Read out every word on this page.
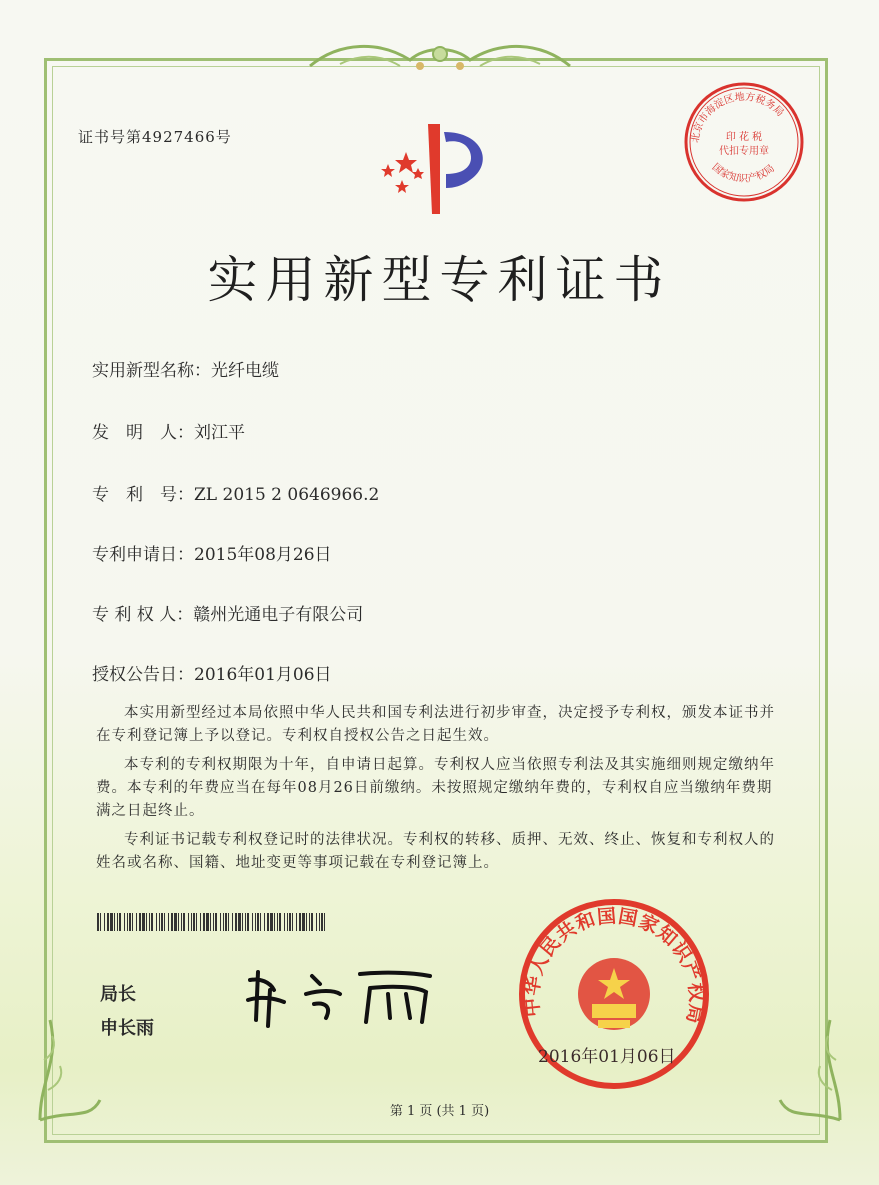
证书号第4927466号	北京市海淀区地方税务局
国家知识产权局
印 花 税
代扣专用章
实用新型专利证书
实用新型名称：光纤电缆
发　明　人：刘江平
专　利　号：ZL 2015 2 0646966.2
专利申请日：2015年08月26日
专 利 权 人：赣州光通电子有限公司
授权公告日：2016年01月06日

本实用新型经过本局依照中华人民共和国专利法进行初步审查，决定授予专利权，颁发本证书并在专利登记簿上予以登记。专利权自授权公告之日起生效。

本专利的专利权期限为十年，自申请日起算。专利权人应当依照专利法及其实施细则规定缴纳年费。本专利的年费应当在每年08月26日前缴纳。未按照规定缴纳年费的，专利权自应当缴纳年费期满之日起终止。

专利证书记载专利权登记时的法律状况。专利权的转移、质押、无效、终止、恢复和专利权人的姓名或名称、国籍、地址变更等事项记载在专利登记簿上。

局长
申长雨
中华人民共和国国家知识产权局
2016年01月06日
第 1 页 (共 1 页)
